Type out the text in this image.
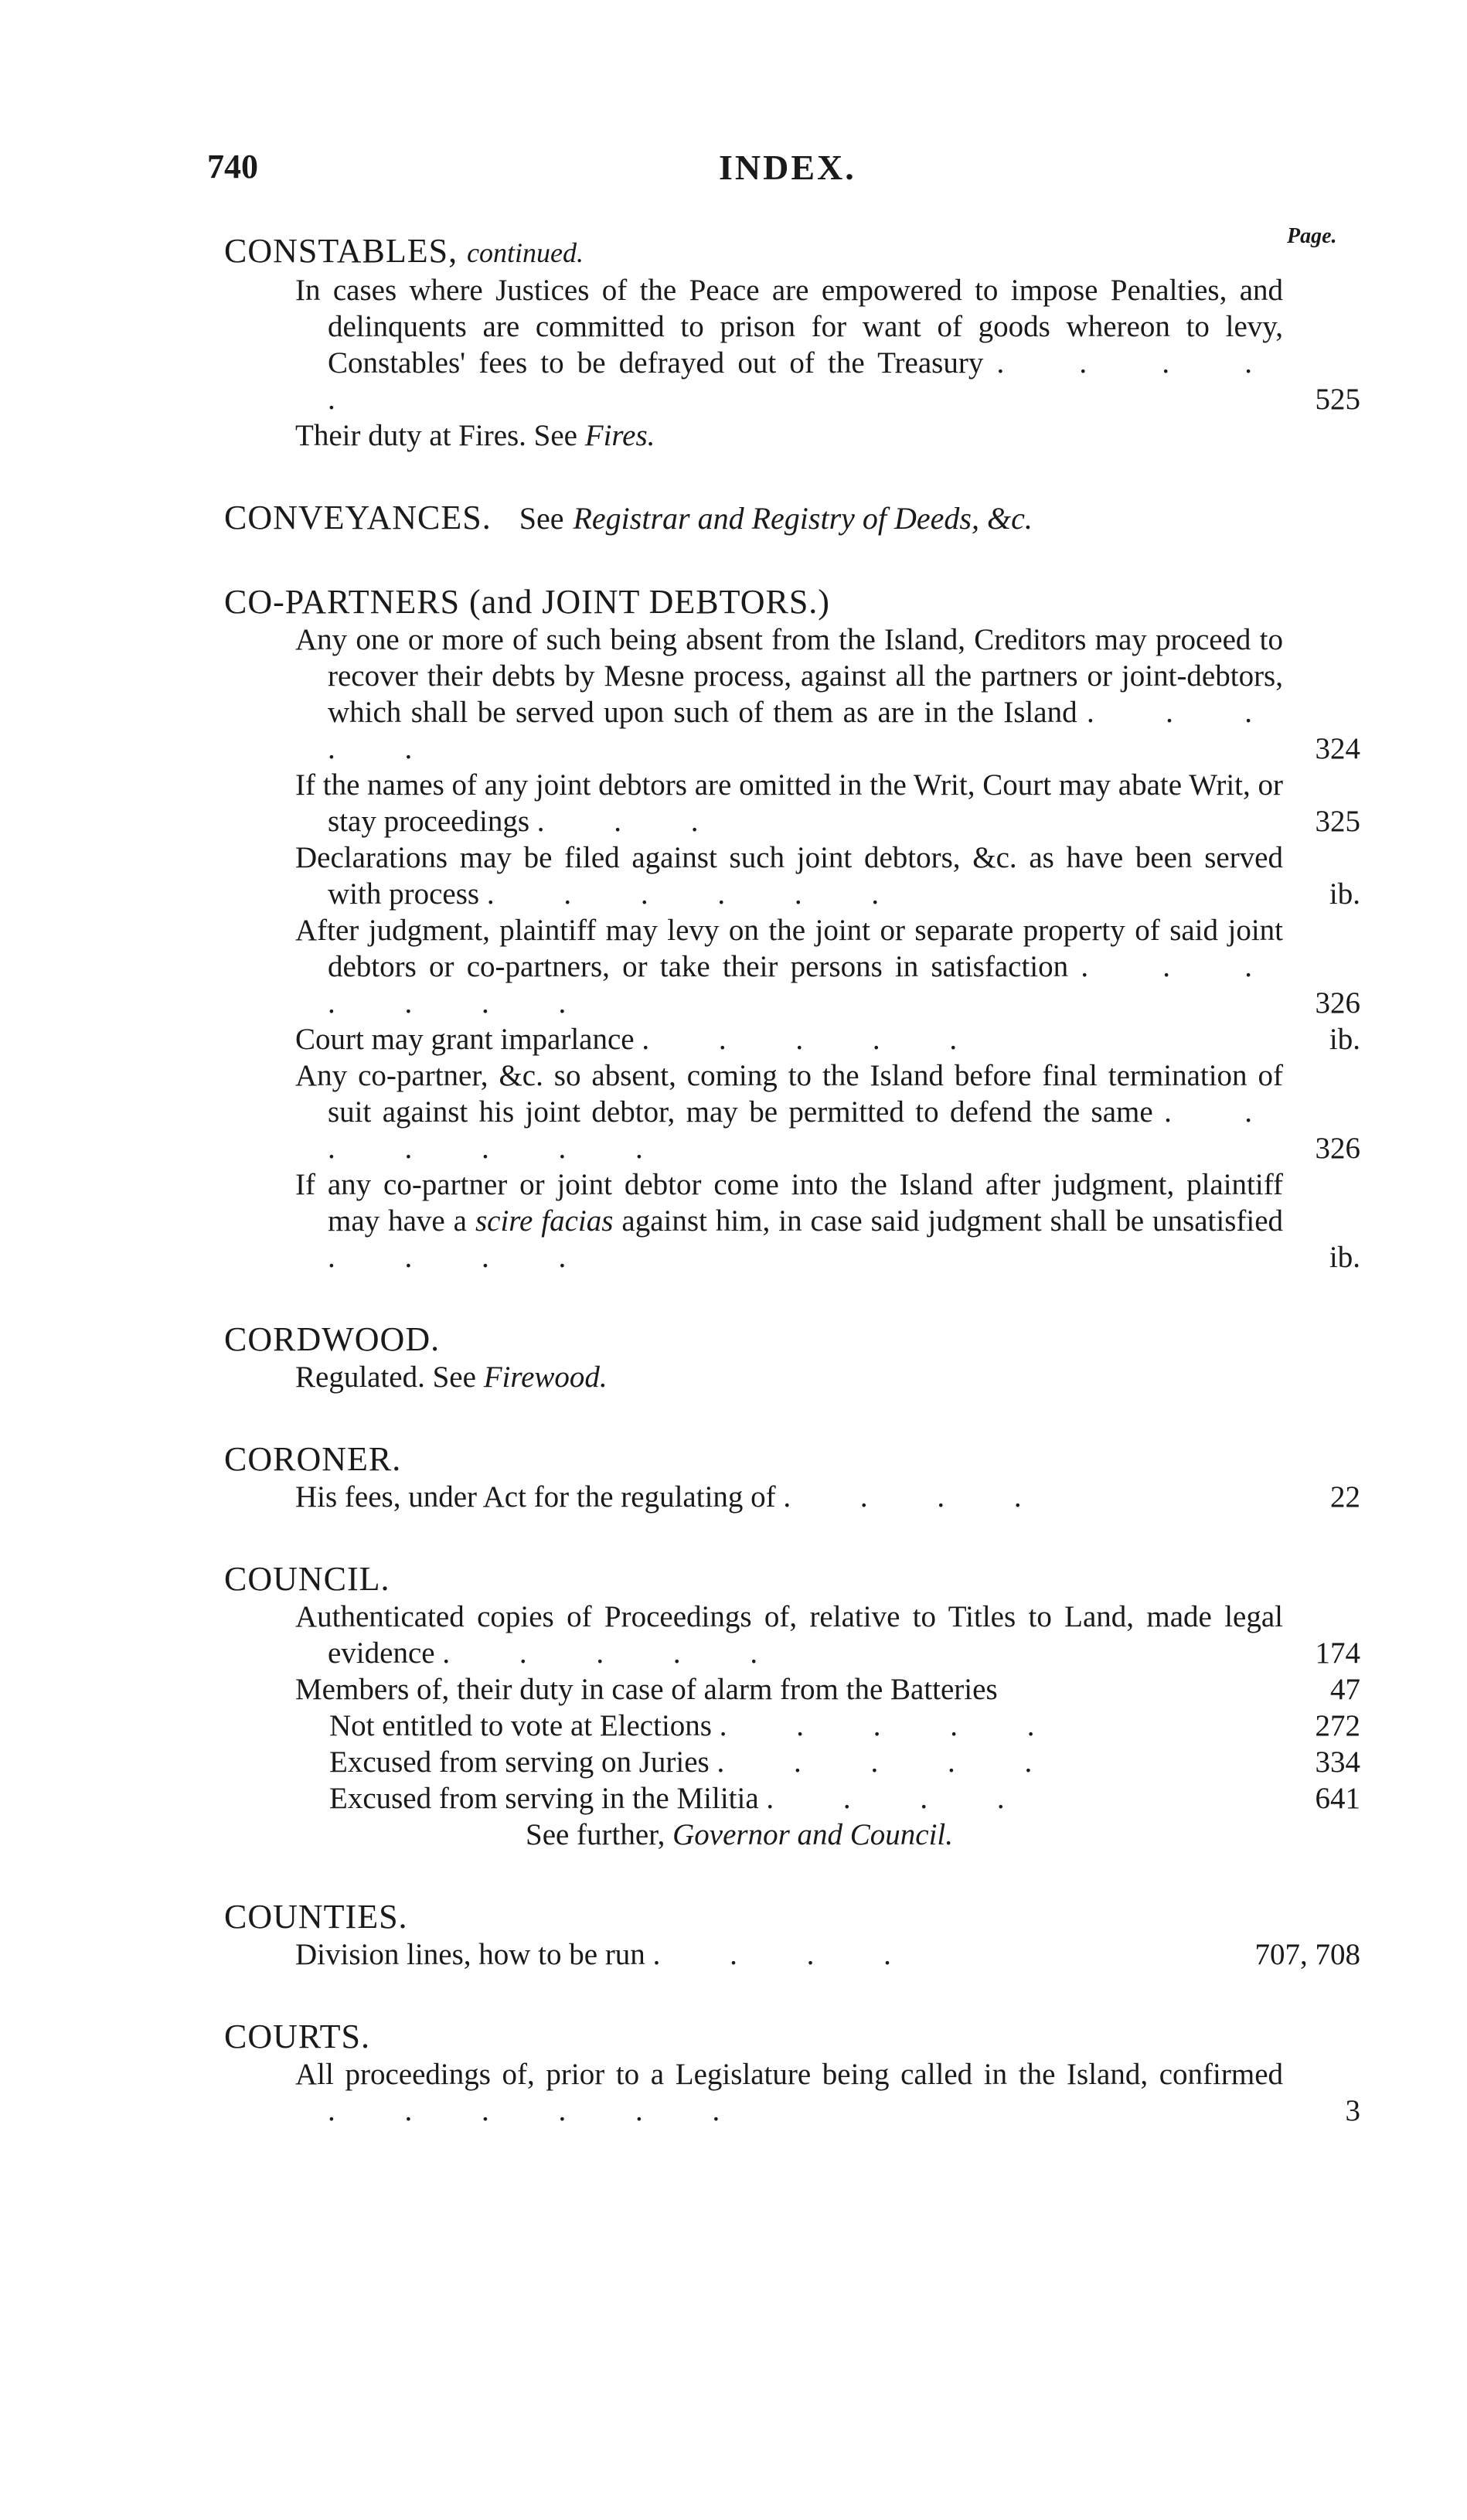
740	INDEX.
Page.
CONSTABLES, continued.
In cases where Justices of the Peace are empowered to impose Penalties, and delinquents are committed to prison for want of goods whereon to levy, Constables' fees to be defrayed out of the Treasury . . . . .	525
Their duty at Fires. See Fires.
CONVEYANCES. See Registrar and Registry of Deeds, &c.
CO-PARTNERS (and JOINT DEBTORS.)
Any one or more of such being absent from the Island, Creditors may proceed to recover their debts by Mesne process, against all the partners or joint-debtors, which shall be served upon such of them as are in the Island . . . . .	324
If the names of any joint debtors are omitted in the Writ, Court may abate Writ, or stay proceedings . . .	325
Declarations may be filed against such joint debtors, &c. as have been served with process . . . . . .	ib.
After judgment, plaintiff may levy on the joint or separate property of said joint debtors or co-partners, or take their persons in satisfaction . . . . . . .	326
Court may grant imparlance . . . . .	ib.
Any co-partner, &c. so absent, coming to the Island before final termination of suit against his joint debtor, may be permitted to defend the same . . . . . . .	326
If any co-partner or joint debtor come into the Island after judgment, plaintiff may have a scire facias against him, in case said judgment shall be unsatisfied . . . .	ib.
CORDWOOD.
Regulated. See Firewood.
CORONER.
His fees, under Act for the regulating of . . . .	22
COUNCIL.
Authenticated copies of Proceedings of, relative to Titles to Land, made legal evidence . . . . .	174
Members of, their duty in case of alarm from the Batteries	47
Not entitled to vote at Elections . . . . .	272
Excused from serving on Juries . . . . .	334
Excused from serving in the Militia . . . .	641
See further, Governor and Council.
COUNTIES.
Division lines, how to be run . . . .	707, 708
COURTS.
All proceedings of, prior to a Legislature being called in the Island, confirmed . . . . . .	3
